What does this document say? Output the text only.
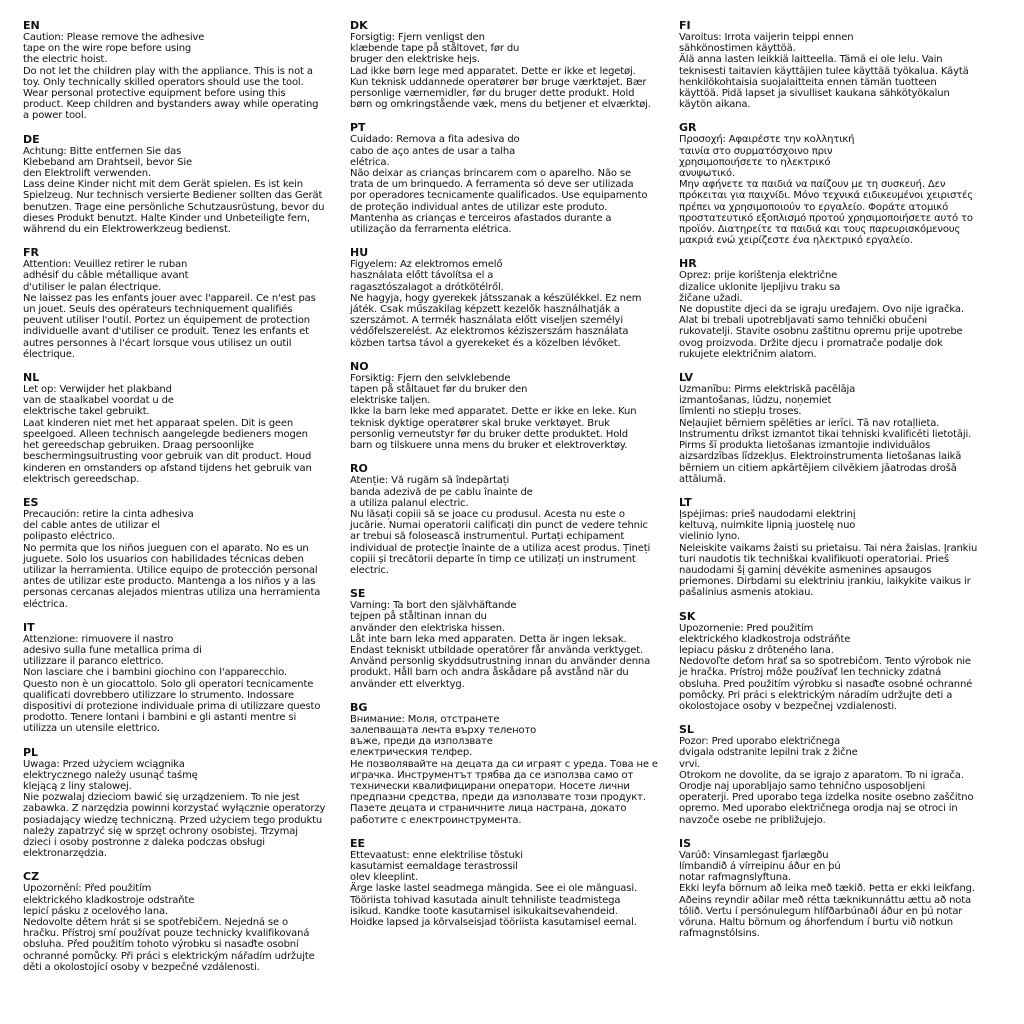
EN
Caution: Please remove the adhesive
tape on the wire rope before using
the electric hoist.
Do not let the children play with the appliance. This is not a
toy. Only technically skilled operators should use the tool.
Wear personal protective equipment before using this
product. Keep children and bystanders away while operating
a power tool.
DE
Achtung: Bitte entfernen Sie das
Klebeband am Drahtseil, bevor Sie
den Elektrolift verwenden.
Lass deine Kinder nicht mit dem Gerät spielen. Es ist kein
Spielzeug. Nur technisch versierte Bediener sollten das Gerät
benutzen. Trage eine persönliche Schutzausrüstung, bevor du
dieses Produkt benutzt. Halte Kinder und Unbeteiligte fern,
während du ein Elektrowerkzeug bedienst.
FR
Attention: Veuillez retirer le ruban
adhésif du câble métallique avant
d'utiliser le palan électrique.
Ne laissez pas les enfants jouer avec l'appareil. Ce n'est pas
un jouet. Seuls des opérateurs techniquement qualifiés
peuvent utiliser l'outil. Portez un équipement de protection
individuelle avant d'utiliser ce produit. Tenez les enfants et
autres personnes à l'écart lorsque vous utilisez un outil
électrique.
NL
Let op: Verwijder het plakband
van de staalkabel voordat u de
elektrische takel gebruikt.
Laat kinderen niet met het apparaat spelen. Dit is geen
speelgoed. Alleen technisch aangelegde bedieners mogen
het gereedschap gebruiken. Draag persoonlijke
beschermingsuitrusting voor gebruik van dit product. Houd
kinderen en omstanders op afstand tijdens het gebruik van
elektrisch gereedschap.
ES
Precaución: retire la cinta adhesiva
del cable antes de utilizar el
polipasto eléctrico.
No permita que los niños jueguen con el aparato. No es un
juguete. Solo los usuarios con habilidades técnicas deben
utilizar la herramienta. Utilice equipo de protección personal
antes de utilizar este producto. Mantenga a los niños y a las
personas cercanas alejados mientras utiliza una herramienta
eléctrica.
IT
Attenzione: rimuovere il nastro
adesivo sulla fune metallica prima di
utilizzare il paranco elettrico.
Non lasciare che i bambini giochino con l'apparecchio.
Questo non è un giocattolo. Solo gli operatori tecnicamente
qualificati dovrebbero utilizzare lo strumento. Indossare
dispositivi di protezione individuale prima di utilizzare questo
prodotto. Tenere lontani i bambini e gli astanti mentre si
utilizza un utensile elettrico.
PL
Uwaga: Przed użyciem wciągnika
elektrycznego należy usunąć taśmę
klejącą z liny stalowej.
Nie pozwalaj dzieciom bawić się urządzeniem. To nie jest
zabawka. Z narzędzia powinni korzystać wyłącznie operatorzy
posiadający wiedzę techniczną. Przed użyciem tego produktu
należy zapatrzyć się w sprzęt ochrony osobistej. Trzymaj
dzieci i osoby postronne z daleka podczas obsługi
elektronarzędzia.
CZ
Upozornění: Před použitím
elektrického kladkostroje odstraňte
lepicí pásku z ocelového lana.
Nedovolte dětem hrát si se spotřebičem. Nejedná se o
hračku. Přístroj smí používat pouze technicky kvalifikovaná
obsluha. Před použitím tohoto výrobku si nasaďte osobní
ochranné pomůcky. Při práci s elektrickým nářadím udržujte
děti a okolostojící osoby v bezpečné vzdálenosti.
DK
Forsigtig: Fjern venligst den
klæbende tape på ståltovet, før du
bruger den elektriske hejs.
Lad ikke børn lege med apparatet. Dette er ikke et legetøj.
Kun teknisk uddannede operatører bør bruge værktøjet. Bær
personlige værnemidler, før du bruger dette produkt. Hold
børn og omkringstående væk, mens du betjener et elværktøj.
PT
Cuidado: Remova a fita adesiva do
cabo de aço antes de usar a talha
elétrica.
Não deixar as crianças brincarem com o aparelho. Não se
trata de um brinquedo. A ferramenta só deve ser utilizada
por operadores tecnicamente qualificados. Use equipamento
de proteção individual antes de utilizar este produto.
Mantenha as crianças e terceiros afastados durante a
utilização da ferramenta elétrica.
HU
Figyelem: Az elektromos emelő
használata előtt távolítsa el a
ragasztószalagot a drótkötélről.
Ne hagyja, hogy gyerekek játsszanak a készülékkel. Ez nem
játék. Csak műszakilag képzett kezelők használhatják a
szerszámot. A termék használata előtt viseljen személyi
védőfelszerelést. Az elektromos kéziszerszám használata
közben tartsa távol a gyerekeket és a közelben lévőket.
NO
Forsiktig: Fjern den selvklebende
tapen på ståltauet før du bruker den
elektriske taljen.
Ikke la barn leke med apparatet. Dette er ikke en leke. Kun
teknisk dyktige operatører skal bruke verktøyet. Bruk
personlig verneutstyr før du bruker dette produktet. Hold
barn og tilskuere unna mens du bruker et elektroverktøy.
RO
Atenție: Vă rugăm să îndepărtați
banda adezivă de pe cablu înainte de
a utiliza palanul electric.
Nu lăsați copiii să se joace cu produsul. Acesta nu este o
jucărie. Numai operatorii calificați din punct de vedere tehnic
ar trebui să folosească instrumentul. Purtați echipament
individual de protecție înainte de a utiliza acest produs. Țineți
copiii și trecătorii departe în timp ce utilizați un instrument
electric.
SE
Varning: Ta bort den självhäftande
tejpen på ståltinan innan du
använder den elektriska hissen.
Låt inte barn leka med apparaten. Detta är ingen leksak.
Endast tekniskt utbildade operatörer får använda verktyget.
Använd personlig skyddsutrustning innan du använder denna
produkt. Håll barn och andra åskådare på avstånd när du
använder ett elverktyg.
BG
Внимание: Моля, отстранете
залепващата лента върху теленото
въже, преди да използвате
електрическия телфер.
Не позволявайте на децата да си играят с уреда. Това не е
играчка. Инструментът трябва да се използва само от
технически квалифицирани оператори. Носете лични
предпазни средства, преди да използвате този продукт.
Пазете децата и страничните лица настрана, докато
работите с електроинструмента.
EE
Ettevaatust: enne elektrilise tõstuki
kasutamist eemaldage terastrossil
olev kleeplint.
Ärge laske lastel seadmega mängida. See ei ole mänguasi.
Tööriista tohivad kasutada ainult tehniliste teadmistega
isikud. Kandke toote kasutamisel isikukaitsevahendeid.
Hoidke lapsed ja kõrvalseisjad tööriista kasutamisel eemal.
FI
Varoitus: Irrota vaijerin teippi ennen
sähkönostimen käyttöä.
Älä anna lasten leikkiä laitteella. Tämä ei ole lelu. Vain
teknisesti taitavien käyttäjien tulee käyttää työkalua. Käytä
henkilökohtaisia suojalaitteita ennen tämän tuotteen
käyttöä. Pidä lapset ja sivulliset kaukana sähkötyökalun
käytön aikana.
GR
Προσοχή: Αφαιρέστε την κολλητική
ταινία στο συρματόσχοινο πριν
χρησιμοποιήσετε το ηλεκτρικό
ανυψωτικό.
Μην αφήνετε τα παιδιά να παίζουν με τη συσκευή. Δεν
πρόκειται για παιχνίδι. Μόνο τεχνικά ειδικευμένοι χειριστές
πρέπει να χρησιμοποιούν το εργαλείο. Φοράτε ατομικό
προστατευτικό εξοπλισμό προτού χρησιμοποιήσετε αυτό το
προϊόν. Διατηρείτε τα παιδιά και τους παρευρισκόμενους
μακριά ενώ χειρίζεστε ένα ηλεκτρικό εργαλείο.
HR
Oprez: prije korištenja električne
dizalice uklonite ljepljivu traku sa
žičane užadi.
Ne dopustite djeci da se igraju uređajem. Ovo nije igračka.
Alat bi trebali upotrebljavati samo tehnički obučeni
rukovatelji. Stavite osobnu zaštitnu opremu prije upotrebe
ovog proizvoda. Držite djecu i promatrače podalje dok
rukujete električnim alatom.
LV
Uzmanību: Pirms elektriskā pacēlāja
izmantošanas, lūdzu, noņemiet
līmlenti no stiepļu troses.
Neļaujiet bērniem spēlēties ar ierīci. Tā nav rotaļlieta.
Instrumentu drīkst izmantot tikai tehniski kvalificēti lietotāji.
Pirms šī produkta lietošanas izmantojie individuālos
aizsardzības līdzekļus. Elektroinstrumenta lietošanas laikā
bērniem un citiem apkārtējiem cilvēkiem jāatrodas drošā
attālumā.
LT
Įspėjimas: prieš naudodami elektrinį
keltuvą, nuimkite lipnią juostelę nuo
vielinio lyno.
Neleiskite vaikams žaisti su prietaisu. Tai nėra žaislas. Įrankiu
turi naudotis tik techniškai kvalifikuoti operatoriai. Prieš
naudodami šį gaminį dėvėkite asmenines apsaugos
priemones. Dirbdami su elektriniu įrankiu, laikykite vaikus ir
pašalinius asmenis atokiau.
SK
Upozornenie: Pred použitím
elektrického kladkostroja odstráňte
lepiacu pásku z drôteného lana.
Nedovoľte deťom hrať sa so spotrebičom. Tento výrobok nie
je hračka. Prístroj môže používať len technicky zdatná
obsluha. Pred použitím výrobku si nasaďte osobné ochranné
pomôcky. Pri práci s elektrickým náradím udržujte deti a
okolostojace osoby v bezpečnej vzdialenosti.
SL
Pozor: Pred uporabo električnega
dvigala odstranite lepilni trak z žične
vrvi.
Otrokom ne dovolite, da se igrajo z aparatom. To ni igrača.
Orodje naj uporabljajo samo tehnično usposobljeni
operaterji. Pred uporabo tega izdelka nosite osebno zaščitno
opremo. Med uporabo električnega orodja naj se otroci in
navzoče osebe ne približujejo.
IS
Varúð: Vinsamlegast fjarlægðu
límbandið á vírreipinu áður en þú
notar rafmagnslyftuna.
Ekki leyfa börnum að leika með tækið. Þetta er ekki leikfang.
Aðeins reyndir aðilar með rétta tæknikunnáttu ættu að nota
tólið. Vertu í persónulegum hlífðarbúnaði áður en þú notar
vöruna. Haltu börnum og áhorfendum í burtu við notkun
rafmagnstólsins.
